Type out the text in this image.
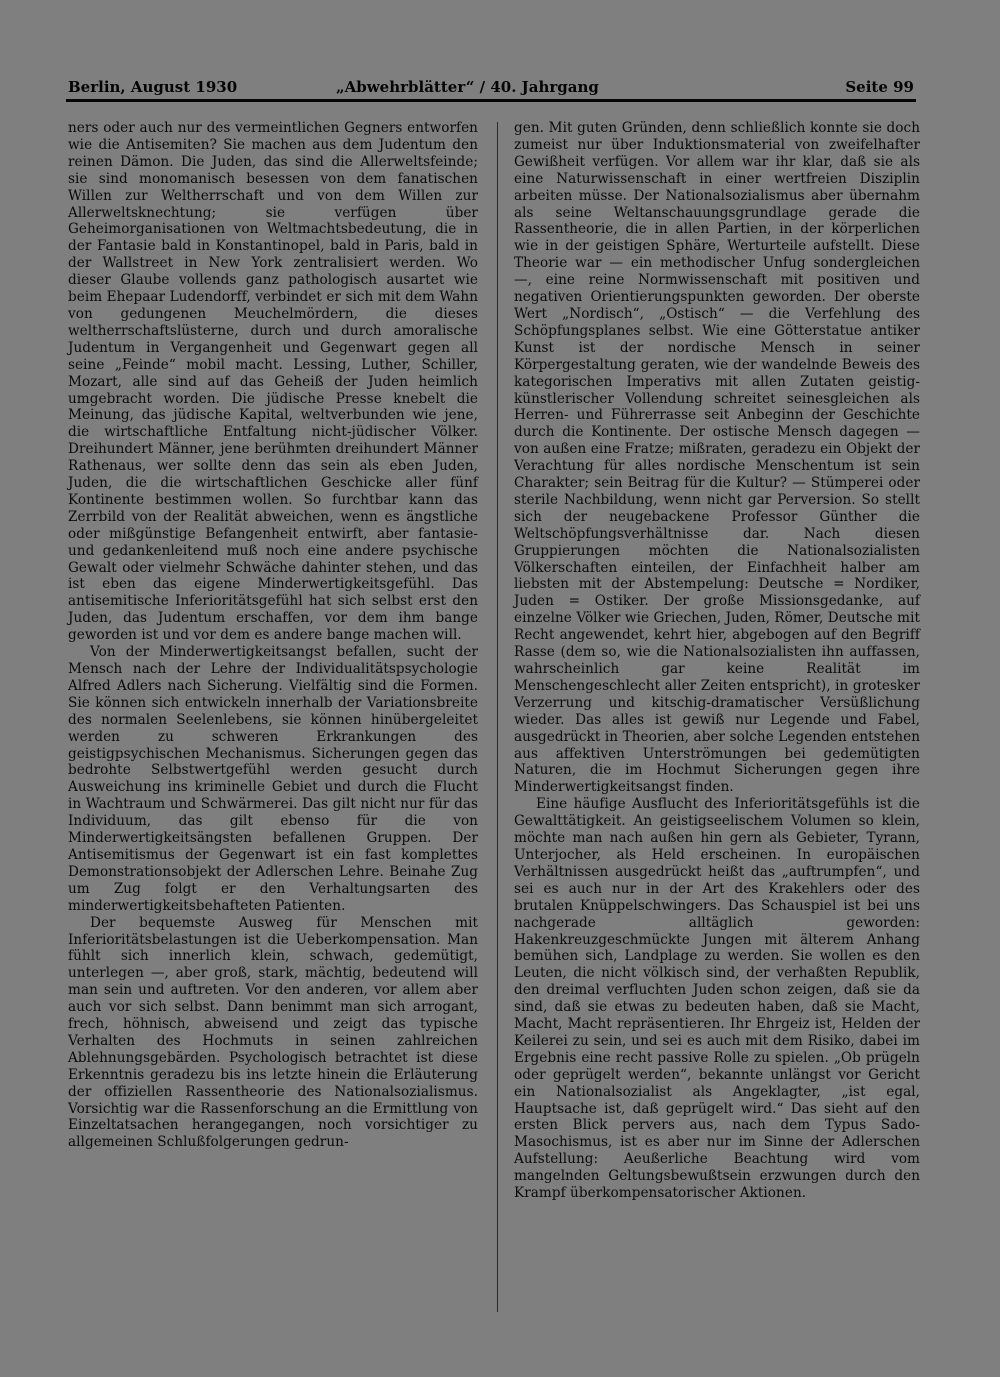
Berlin, August 1930	„Abwehrblätter“ / 40. Jahrgang	Seite 99

ners oder auch nur des vermeintlichen Gegners entworfen wie die Antisemiten? Sie machen aus dem Judentum den reinen Dämon. Die Juden, das sind die Allerweltsfeinde; sie sind monomanisch besessen von dem fanatischen Willen zur Weltherrschaft und von dem Willen zur Allerweltsknechtung; sie verfügen über Geheimorganisationen von Weltmachtsbedeutung, die in der Fantasie bald in Konstantinopel, bald in Paris, bald in der Wallstreet in New York zentralisiert werden. Wo dieser Glaube vollends ganz pathologisch ausartet wie beim Ehepaar Ludendorff, verbindet er sich mit dem Wahn von gedungenen Meuchelmördern, die dieses weltherrschaftslüsterne, durch und durch amoralische Judentum in Vergangenheit und Gegenwart gegen all seine „Feinde“ mobil macht. Lessing, Luther, Schiller, Mozart, alle sind auf das Geheiß der Juden heimlich umgebracht worden. Die jüdische Presse knebelt die Meinung, das jüdische Kapital, weltverbunden wie jene, die wirtschaftliche Entfaltung nicht-jüdischer Völker. Dreihundert Männer, jene berühmten dreihundert Männer Rathenaus, wer sollte denn das sein als eben Juden, Juden, die die wirtschaftlichen Geschicke aller fünf Kontinente bestimmen wollen. So furchtbar kann das Zerrbild von der Realität abweichen, wenn es ängstliche oder mißgünstige Befangenheit entwirft, aber fantasie- und gedankenleitend muß noch eine andere psychische Gewalt oder vielmehr Schwäche dahinter stehen, und das ist eben das eigene Minderwertigkeitsgefühl. Das antisemitische Inferioritätsgefühl hat sich selbst erst den Juden, das Judentum erschaffen, vor dem ihm bange geworden ist und vor dem es andere bange machen will.

Von der Minderwertigkeitsangst befallen, sucht der Mensch nach der Lehre der Individualitätspsychologie Alfred Adlers nach Sicherung. Vielfältig sind die Formen. Sie können sich entwickeln innerhalb der Variationsbreite des normalen Seelenlebens, sie können hinübergeleitet werden zu schweren Erkrankungen des geistigpsychischen Mechanismus. Sicherungen gegen das bedrohte Selbstwertgefühl werden gesucht durch Ausweichung ins kriminelle Gebiet und durch die Flucht in Wachtraum und Schwärmerei. Das gilt nicht nur für das Individuum, das gilt ebenso für die von Minderwertigkeitsängsten befallenen Gruppen. Der Antisemitismus der Gegenwart ist ein fast komplettes Demonstrationsobjekt der Adlerschen Lehre. Beinahe Zug um Zug folgt er den Verhaltungsarten des minderwertigkeitsbehafteten Patienten.

Der bequemste Ausweg für Menschen mit Inferioritätsbelastungen ist die Ueberkompensation. Man fühlt sich innerlich klein, schwach, gedemütigt, unterlegen —, aber groß, stark, mächtig, bedeutend will man sein und auftreten. Vor den anderen, vor allem aber auch vor sich selbst. Dann benimmt man sich arrogant, frech, höhnisch, abweisend und zeigt das typische Verhalten des Hochmuts in seinen zahlreichen Ablehnungsgebärden. Psychologisch betrachtet ist diese Erkenntnis geradezu bis ins letzte hinein die Erläuterung der offiziellen Rassentheorie des Nationalsozialismus. Vorsichtig war die Rassenforschung an die Ermittlung von Einzeltatsachen herangegangen, noch vorsichtiger zu allgemeinen Schlußfolgerungen gedrun-

gen. Mit guten Gründen, denn schließlich konnte sie doch zumeist nur über Induktionsmaterial von zweifelhafter Gewißheit verfügen. Vor allem war ihr klar, daß sie als eine Naturwissenschaft in einer wertfreien Disziplin arbeiten müsse. Der Nationalsozialismus aber übernahm als seine Weltanschauungsgrundlage gerade die Rassentheorie, die in allen Partien, in der körperlichen wie in der geistigen Sphäre, Werturteile aufstellt. Diese Theorie war — ein methodischer Unfug sondergleichen —, eine reine Normwissenschaft mit positiven und negativen Orientierungspunkten geworden. Der oberste Wert „Nordisch“, „Ostisch“ — die Verfehlung des Schöpfungsplanes selbst. Wie eine Götterstatue antiker Kunst ist der nordische Mensch in seiner Körpergestaltung geraten, wie der wandelnde Beweis des kategorischen Imperativs mit allen Zutaten geistig-künstlerischer Vollendung schreitet seinesgleichen als Herren- und Führerrasse seit Anbeginn der Geschichte durch die Kontinente. Der ostische Mensch dagegen — von außen eine Fratze; mißraten, geradezu ein Objekt der Verachtung für alles nordische Menschentum ist sein Charakter; sein Beitrag für die Kultur? — Stümperei oder sterile Nachbildung, wenn nicht gar Perversion. So stellt sich der neugebackene Professor Günther die Weltschöpfungsverhältnisse dar. Nach diesen Gruppierungen möchten die Nationalsozialisten Völkerschaften einteilen, der Einfachheit halber am liebsten mit der Abstempelung: Deutsche = Nordiker, Juden = Ostiker. Der große Missionsgedanke, auf einzelne Völker wie Griechen, Juden, Römer, Deutsche mit Recht angewendet, kehrt hier, abgebogen auf den Begriff Rasse (dem so, wie die Nationalsozialisten ihn auffassen, wahrscheinlich gar keine Realität im Menschengeschlecht aller Zeiten entspricht), in grotesker Verzerrung und kitschig-dramatischer Versüßlichung wieder. Das alles ist gewiß nur Legende und Fabel, ausgedrückt in Theorien, aber solche Legenden entstehen aus affektiven Unterströmungen bei gedemütigten Naturen, die im Hochmut Sicherungen gegen ihre Minderwertigkeitsangst finden.

Eine häufige Ausflucht des Inferioritätsgefühls ist die Gewalttätigkeit. An geistigseelischem Volumen so klein, möchte man nach außen hin gern als Gebieter, Tyrann, Unterjocher, als Held erscheinen. In europäischen Verhältnissen ausgedrückt heißt das „auftrumpfen“, und sei es auch nur in der Art des Krakehlers oder des brutalen Knüppelschwingers. Das Schauspiel ist bei uns nachgerade alltäglich geworden: Hakenkreuzgeschmückte Jungen mit älterem Anhang bemühen sich, Landplage zu werden. Sie wollen es den Leuten, die nicht völkisch sind, der verhaßten Republik, den dreimal verfluchten Juden schon zeigen, daß sie da sind, daß sie etwas zu bedeuten haben, daß sie Macht, Macht, Macht repräsentieren. Ihr Ehrgeiz ist, Helden der Keilerei zu sein, und sei es auch mit dem Risiko, dabei im Ergebnis eine recht passive Rolle zu spielen. „Ob prügeln oder geprügelt werden“, bekannte unlängst vor Gericht ein Nationalsozialist als Angeklagter, „ist egal, Hauptsache ist, daß geprügelt wird.“ Das sieht auf den ersten Blick pervers aus, nach dem Typus Sado-Masochismus, ist es aber nur im Sinne der Adlerschen Aufstellung: Aeußerliche Beachtung wird vom mangelnden Geltungsbewußtsein erzwungen durch den Krampf überkompensatorischer Aktionen.
